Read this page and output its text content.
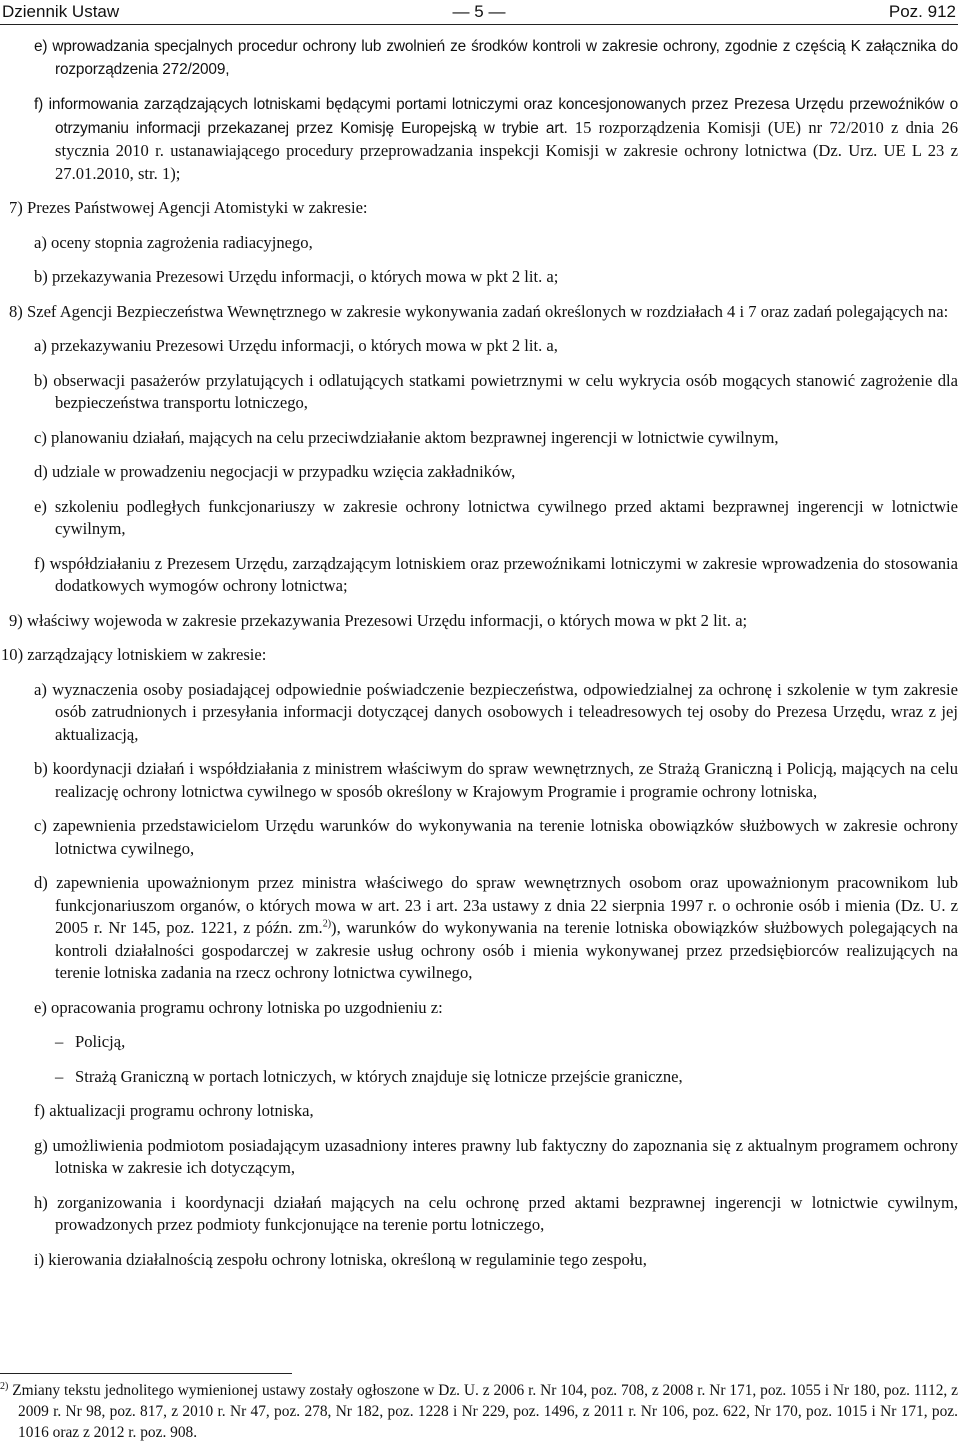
Dziennik Ustaw	— 5 —	Poz. 912

e) wprowadzania specjalnych procedur ochrony lub zwolnień ze środków kontroli w zakresie ochrony, zgodnie z częścią K załącznika do rozporządzenia 272/2009,

f) informowania zarządzających lotniskami będącymi portami lotniczymi oraz koncesjonowanych przez Prezesa Urzędu przewoźników o otrzymaniu informacji przekazanej przez Komisję Europejską w trybie art. 15 rozporządzenia Komisji (UE) nr 72/2010 z dnia 26 stycznia 2010 r. ustanawiającego procedury przeprowadzania inspekcji Komisji w zakresie ochrony lotnictwa (Dz. Urz. UE L 23 z 27.01.2010, str. 1);

7) Prezes Państwowej Agencji Atomistyki w zakresie:

a) oceny stopnia zagrożenia radiacyjnego,

b) przekazywania Prezesowi Urzędu informacji, o których mowa w pkt 2 lit. a;

8) Szef Agencji Bezpieczeństwa Wewnętrznego w zakresie wykonywania zadań określonych w rozdziałach 4 i 7 oraz zadań polegających na:

a) przekazywaniu Prezesowi Urzędu informacji, o których mowa w pkt 2 lit. a,

b) obserwacji pasażerów przylatujących i odlatujących statkami powietrznymi w celu wykrycia osób mogących stanowić zagrożenie dla bezpieczeństwa transportu lotniczego,

c) planowaniu działań, mających na celu przeciwdziałanie aktom bezprawnej ingerencji w lotnictwie cywilnym,

d) udziale w prowadzeniu negocjacji w przypadku wzięcia zakładników,

e) szkoleniu podległych funkcjonariuszy w zakresie ochrony lotnictwa cywilnego przed aktami bezprawnej ingerencji w lotnictwie cywilnym,

f) współdziałaniu z Prezesem Urzędu, zarządzającym lotniskiem oraz przewoźnikami lotniczymi w zakresie wprowadzenia do stosowania dodatkowych wymogów ochrony lotnictwa;

9) właściwy wojewoda w zakresie przekazywania Prezesowi Urzędu informacji, o których mowa w pkt 2 lit. a;

10) zarządzający lotniskiem w zakresie:

a) wyznaczenia osoby posiadającej odpowiednie poświadczenie bezpieczeństwa, odpowiedzialnej za ochronę i szkolenie w tym zakresie osób zatrudnionych i przesyłania informacji dotyczącej danych osobowych i teleadresowych tej osoby do Prezesa Urzędu, wraz z jej aktualizacją,

b) koordynacji działań i współdziałania z ministrem właściwym do spraw wewnętrznych, ze Strażą Graniczną i Policją, mających na celu realizację ochrony lotnictwa cywilnego w sposób określony w Krajowym Programie i programie ochrony lotniska,

c) zapewnienia przedstawicielom Urzędu warunków do wykonywania na terenie lotniska obowiązków służbowych w zakresie ochrony lotnictwa cywilnego,

d) zapewnienia upoważnionym przez ministra właściwego do spraw wewnętrznych osobom oraz upoważnionym pracownikom lub funkcjonariuszom organów, o których mowa w art. 23 i art. 23a ustawy z dnia 22 sierpnia 1997 r. o ochronie osób i mienia (Dz. U. z 2005 r. Nr 145, poz. 1221, z późn. zm.$^{2)}$), warunków do wykonywania na terenie lotniska obowiązków służbowych polegających na kontroli działalności gospodarczej w zakresie usług ochrony osób i mienia wykonywanej przez przedsiębiorców realizujących na terenie lotniska zadania na rzecz ochrony lotnictwa cywilnego,

e) opracowania programu ochrony lotniska po uzgodnieniu z:

– Policją,

– Strażą Graniczną w portach lotniczych, w których znajduje się lotnicze przejście graniczne,

f) aktualizacji programu ochrony lotniska,

g) umożliwienia podmiotom posiadającym uzasadniony interes prawny lub faktyczny do zapoznania się z aktualnym programem ochrony lotniska w zakresie ich dotyczącym,

h) zorganizowania i koordynacji działań mających na celu ochronę przed aktami bezprawnej ingerencji w lotnictwie cywilnym, prowadzonych przez podmioty funkcjonujące na terenie portu lotniczego,

i) kierowania działalnością zespołu ochrony lotniska, określoną w regulaminie tego zespołu,

$^{2)}$ Zmiany tekstu jednolitego wymienionej ustawy zostały ogłoszone w Dz. U. z 2006 r. Nr 104, poz. 708, z 2008 r. Nr 171, poz. 1055 i Nr 180, poz. 1112, z 2009 r. Nr 98, poz. 817, z 2010 r. Nr 47, poz. 278, Nr 182, poz. 1228 i Nr 229, poz. 1496, z 2011 r. Nr 106, poz. 622, Nr 170, poz. 1015 i Nr 171, poz. 1016 oraz z 2012 r. poz. 908.
